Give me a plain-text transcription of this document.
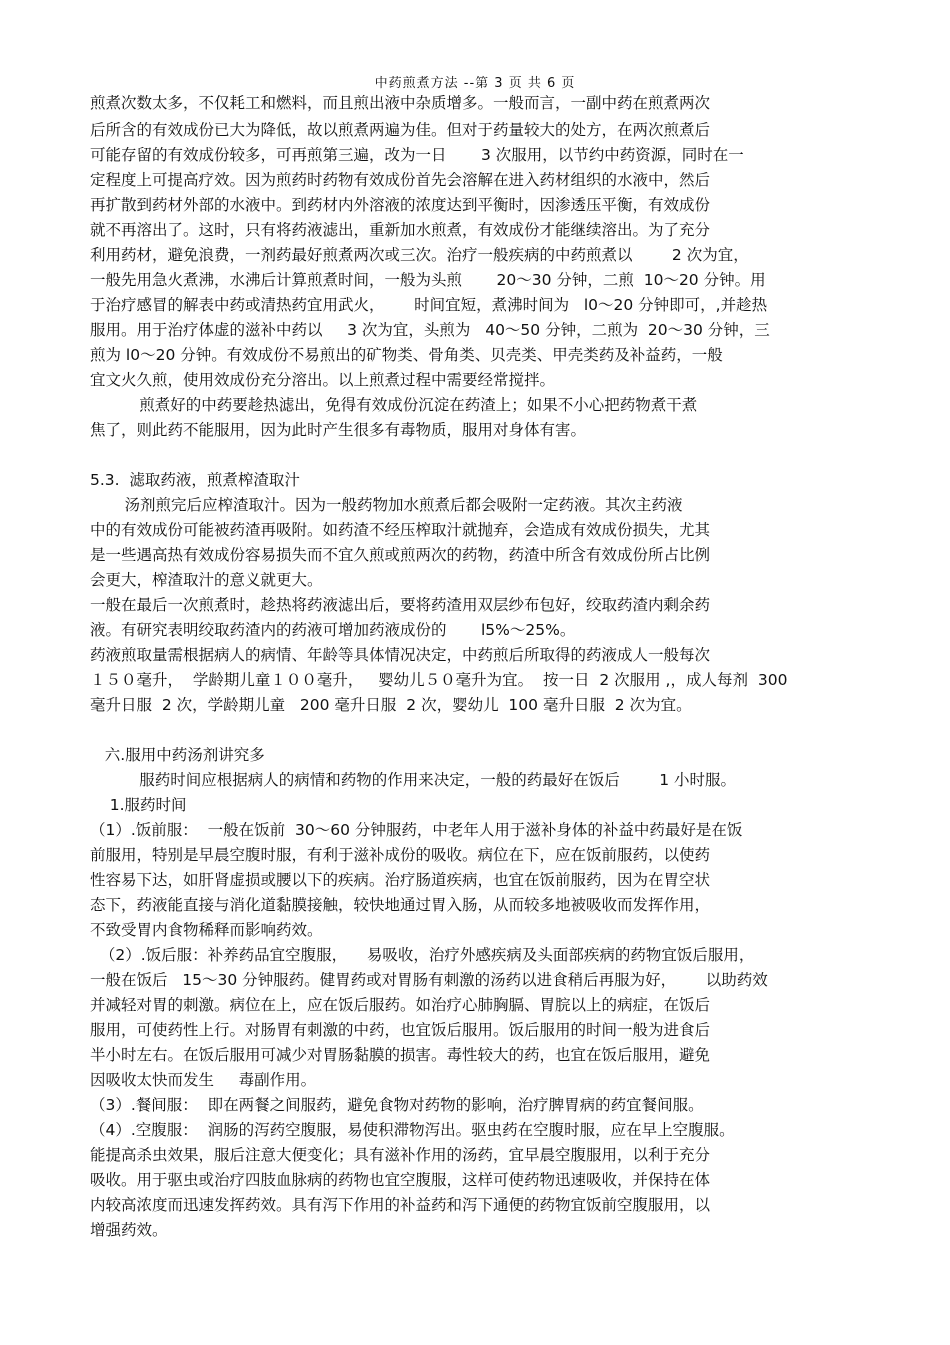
中药煎煮方法 --第 3 页 共 6 页
煎煮次数太多，不仅耗工和燃料，而且煎出液中杂质增多。一般而言，一副中药在煎煮两次
后所含的有效成份已大为降低，故以煎煮两遍为佳。但对于药量较大的处方，在两次煎煮后
可能存留的有效成份较多，可再煎第三遍，改为一日       3 次服用，以节约中药资源，同时在一
定程度上可提高疗效。因为煎药时药物有效成份首先会溶解在进入药材组织的水液中，然后
再扩散到药材外部的水液中。到药材内外溶液的浓度达到平衡时，因渗透压平衡，有效成份
就不再溶出了。这时，只有将药液滤出，重新加水煎煮，有效成份才能继续溶出。为了充分
利用药材，避免浪费，一剂药最好煎煮两次或三次。治疗一般疾病的中药煎煮以        2 次为宜，
一般先用急火煮沸，水沸后计算煎煮时间，一般为头煎       20～30 分钟，二煎  10～20 分钟。用
于治疗感冒的解表中药或清热药宜用武火，      时间宜短，煮沸时间为   l0～20 分钟即可，,并趁热
服用。用于治疗体虚的滋补中药以     3 次为宜，头煎为   40～50 分钟，二煎为  20～30 分钟，三
煎为 l0～20 分钟。有效成份不易煎出的矿物类、骨角类、贝壳类、甲壳类药及补益药，一般
宜文火久煎，使用效成份充分溶出。以上煎煮过程中需要经常搅拌。
煎煮好的中药要趁热滤出，免得有效成份沉淀在药渣上；如果不小心把药物煮干煮
焦了，则此药不能服用，因为此时产生很多有毒物质，服用对身体有害。
5.3.  滤取药液，煎煮榨渣取汁
汤剂煎完后应榨渣取汁。因为一般药物加水煎煮后都会吸附一定药液。其次主药液
中的有效成份可能被药渣再吸附。如药渣不经压榨取汁就抛弃，会造成有效成份损失，尤其
是一些遇高热有效成份容易损失而不宜久煎或煎两次的药物，药渣中所含有效成份所占比例
会更大，榨渣取汁的意义就更大。
一般在最后一次煎煮时，趁热将药液滤出后，要将药渣用双层纱布包好，绞取药渣内剩余药
液。有研究表明绞取药渣内的药液可增加药液成份的       l5%～25%。
药液煎取量需根据病人的病情、年龄等具体情况决定，中药煎后所取得的药液成人一般每次
１５０毫升，  学龄期儿童１００毫升，   婴幼儿５０毫升为宜。  按一日  2 次服用 ,，成人每剂  300
毫升日服  2 次，学龄期儿童   200 毫升日服  2 次，婴幼儿  100 毫升日服  2 次为宜。
六.服用中药汤剂讲究多
服药时间应根据病人的病情和药物的作用来决定，一般的药最好在饭后        1 小时服。
1.服药时间
（1）.饭前服：  一般在饭前  30～60 分钟服药，中老年人用于滋补身体的补益中药最好是在饭
前服用，特别是早晨空腹时服，有利于滋补成份的吸收。病位在下，应在饭前服药，以使药
性容易下达，如肝肾虚损或腰以下的疾病。治疗肠道疾病，也宜在饭前服药，因为在胃空状
态下，药液能直接与消化道黏膜接触，较快地通过胃入肠，从而较多地被吸收而发挥作用，
不致受胃内食物稀释而影响药效。
（2）.饭后服：补养药品宜空腹服，    易吸收，治疗外感疾病及头面部疾病的药物宜饭后服用，
一般在饭后   15～30 分钟服药。健胃药或对胃肠有刺激的汤药以进食稍后再服为好，      以助药效
并减轻对胃的刺激。病位在上，应在饭后服药。如治疗心肺胸膈、胃脘以上的病症，在饭后
服用，可使药性上行。对肠胃有刺激的中药，也宜饭后服用。饭后服用的时间一般为进食后
半小时左右。在饭后服用可减少对胃肠黏膜的损害。毒性较大的药，也宜在饭后服用，避免
因吸收太快而发生     毒副作用。
（3）.餐间服：  即在两餐之间服药，避免食物对药物的影响，治疗脾胃病的药宜餐间服。
（4）.空腹服：  润肠的泻药空腹服，易使积滞物泻出。驱虫药在空腹时服，应在早上空腹服。
能提高杀虫效果，服后注意大便变化；具有滋补作用的汤药，宜早晨空腹服用，以利于充分
吸收。用于驱虫或治疗四肢血脉病的药物也宜空腹服，这样可使药物迅速吸收，并保持在体
内较高浓度而迅速发挥药效。具有泻下作用的补益药和泻下通便的药物宜饭前空腹服用，以
增强药效。
